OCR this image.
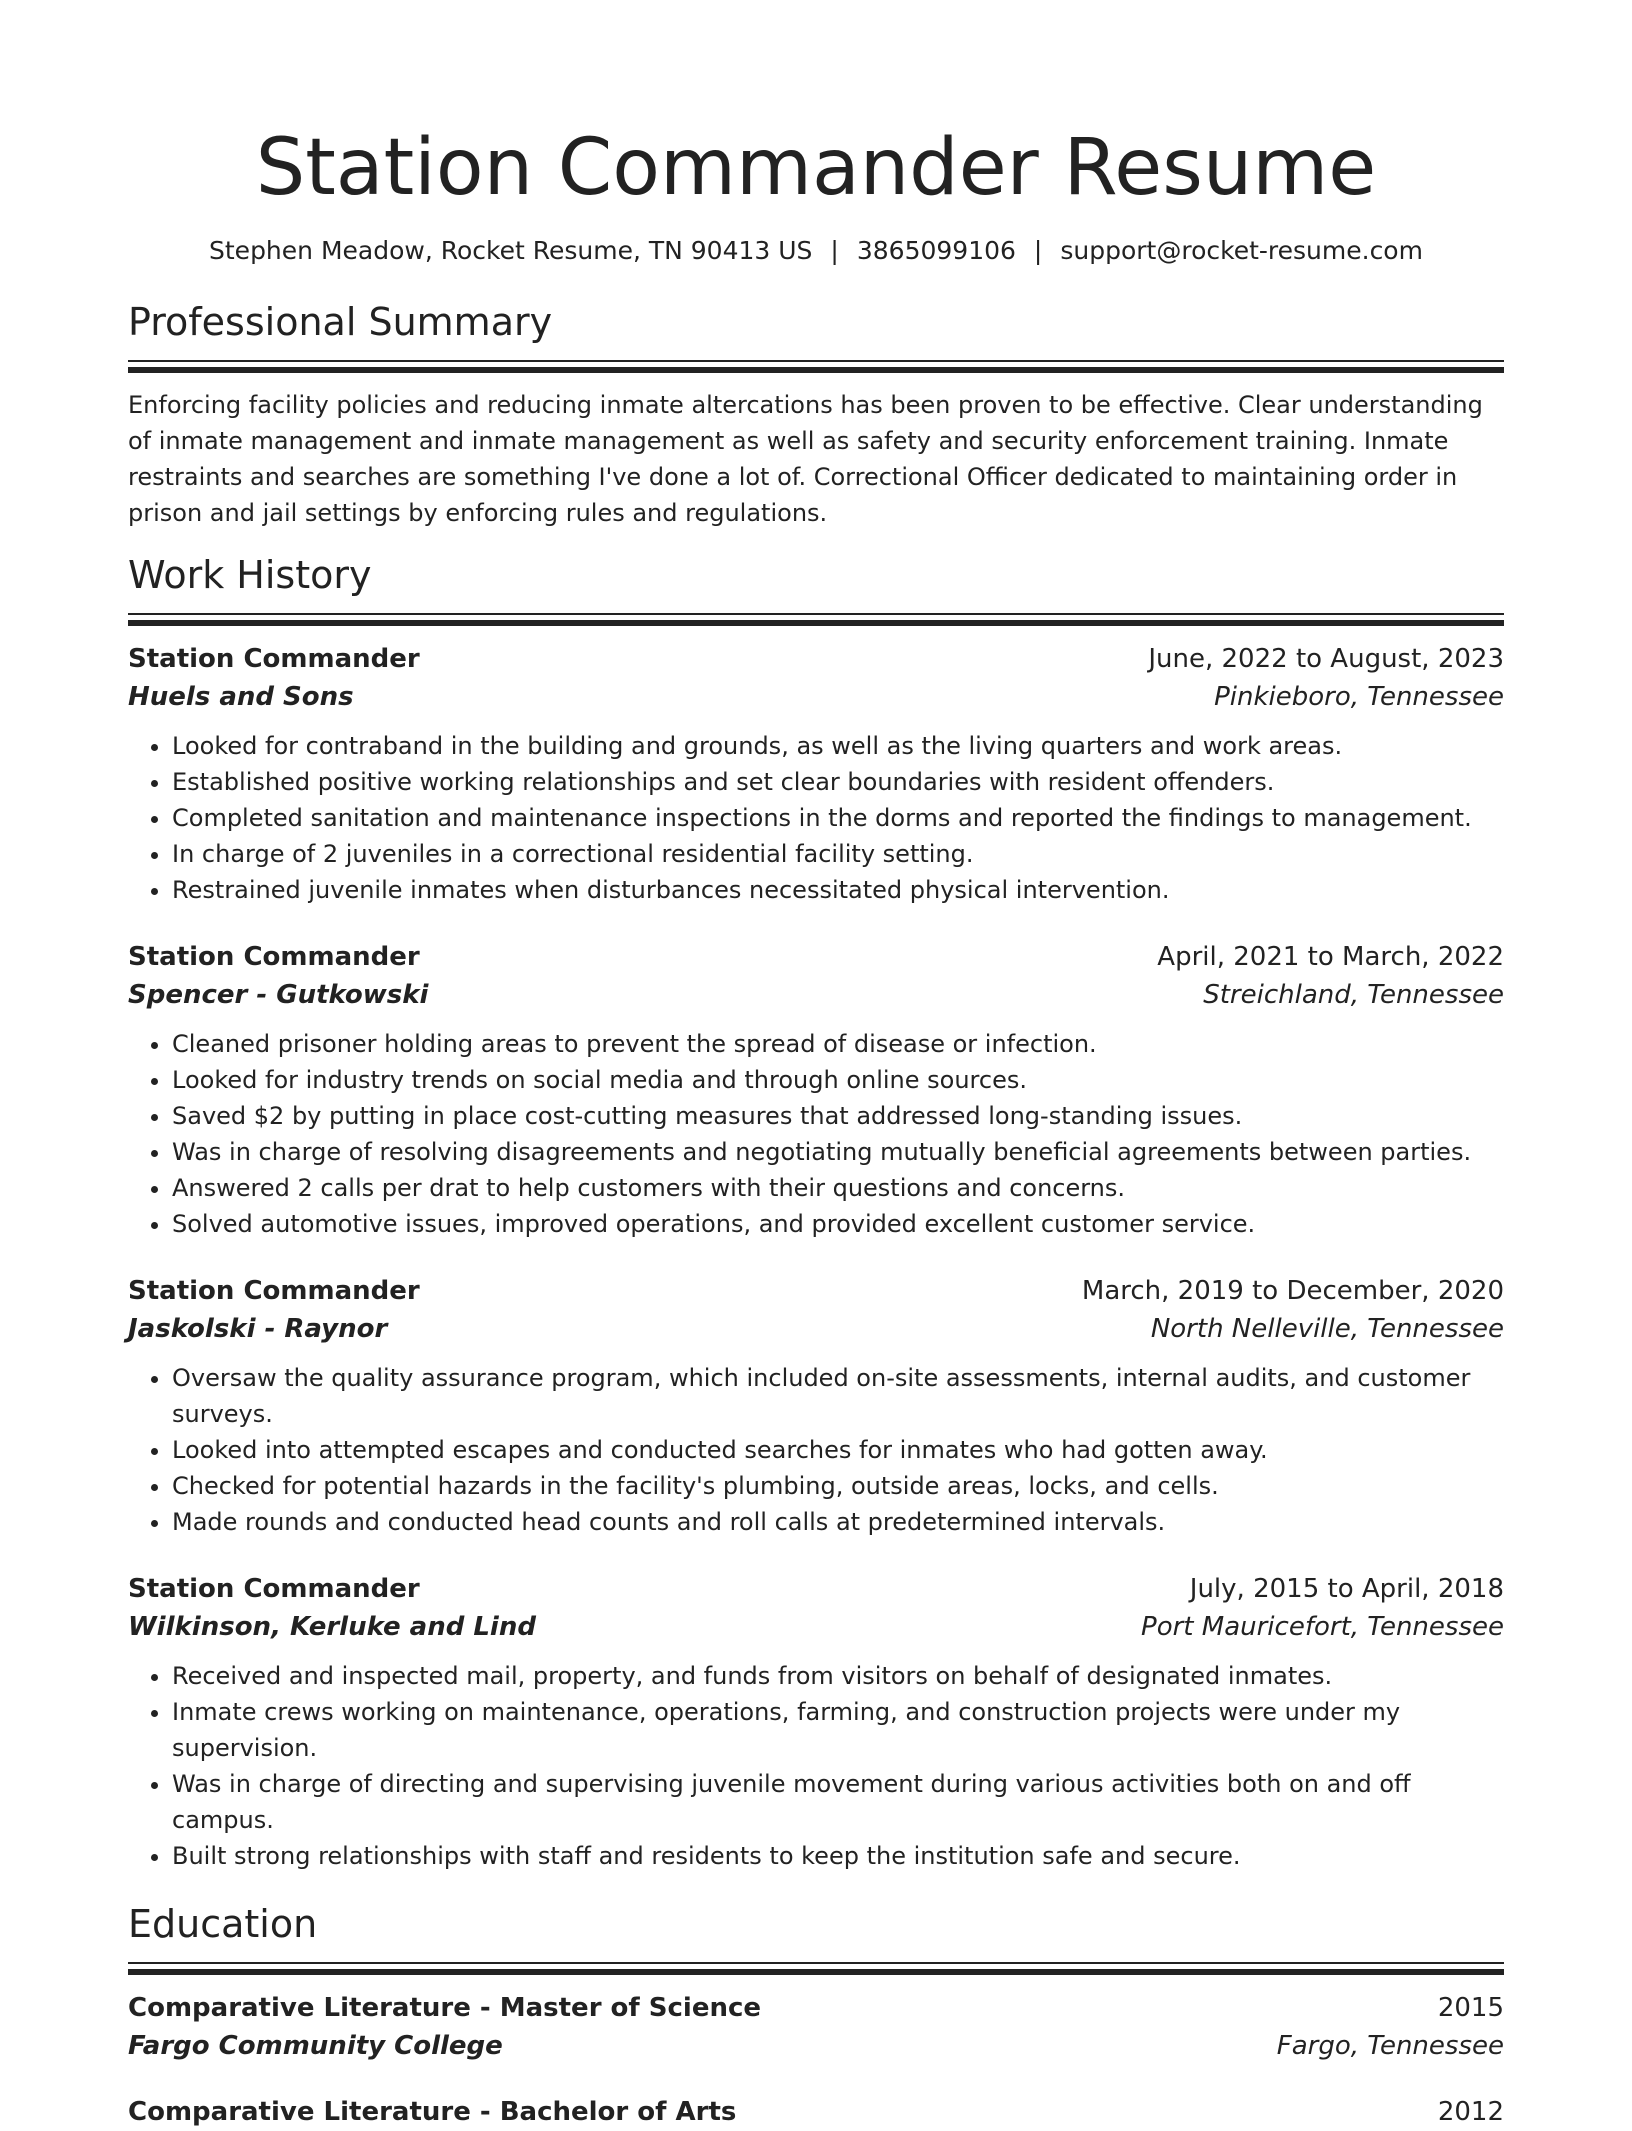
Station Commander Resume
Stephen Meadow, Rocket Resume, TN 90413 US | 3865099106 | support@rocket-resume.com
Professional Summary
Enforcing facility policies and reducing inmate altercations has been proven to be effective. Clear understanding of inmate management and inmate management as well as safety and security enforcement training. Inmate restraints and searches are something I've done a lot of. Correctional Officer dedicated to maintaining order in prison and jail settings by enforcing rules and regulations.
Work History
Station Commander	June, 2022 to August, 2023
Huels and Sons	Pinkieboro, Tennessee
• Looked for contraband in the building and grounds, as well as the living quarters and work areas.
• Established positive working relationships and set clear boundaries with resident offenders.
• Completed sanitation and maintenance inspections in the dorms and reported the findings to management.
• In charge of 2 juveniles in a correctional residential facility setting.
• Restrained juvenile inmates when disturbances necessitated physical intervention.
Station Commander	April, 2021 to March, 2022
Spencer - Gutkowski	Streichland, Tennessee
• Cleaned prisoner holding areas to prevent the spread of disease or infection.
• Looked for industry trends on social media and through online sources.
• Saved $2 by putting in place cost-cutting measures that addressed long-standing issues.
• Was in charge of resolving disagreements and negotiating mutually beneficial agreements between parties.
• Answered 2 calls per drat to help customers with their questions and concerns.
• Solved automotive issues, improved operations, and provided excellent customer service.
Station Commander	March, 2019 to December, 2020
Jaskolski - Raynor	North Nelleville, Tennessee
• Oversaw the quality assurance program, which included on-site assessments, internal audits, and customer surveys.
• Looked into attempted escapes and conducted searches for inmates who had gotten away.
• Checked for potential hazards in the facility's plumbing, outside areas, locks, and cells.
• Made rounds and conducted head counts and roll calls at predetermined intervals.
Station Commander	July, 2015 to April, 2018
Wilkinson, Kerluke and Lind	Port Mauricefort, Tennessee
• Received and inspected mail, property, and funds from visitors on behalf of designated inmates.
• Inmate crews working on maintenance, operations, farming, and construction projects were under my supervision.
• Was in charge of directing and supervising juvenile movement during various activities both on and off campus.
• Built strong relationships with staff and residents to keep the institution safe and secure.
Education
Comparative Literature - Master of Science	2015
Fargo Community College	Fargo, Tennessee
Comparative Literature - Bachelor of Arts	2012
